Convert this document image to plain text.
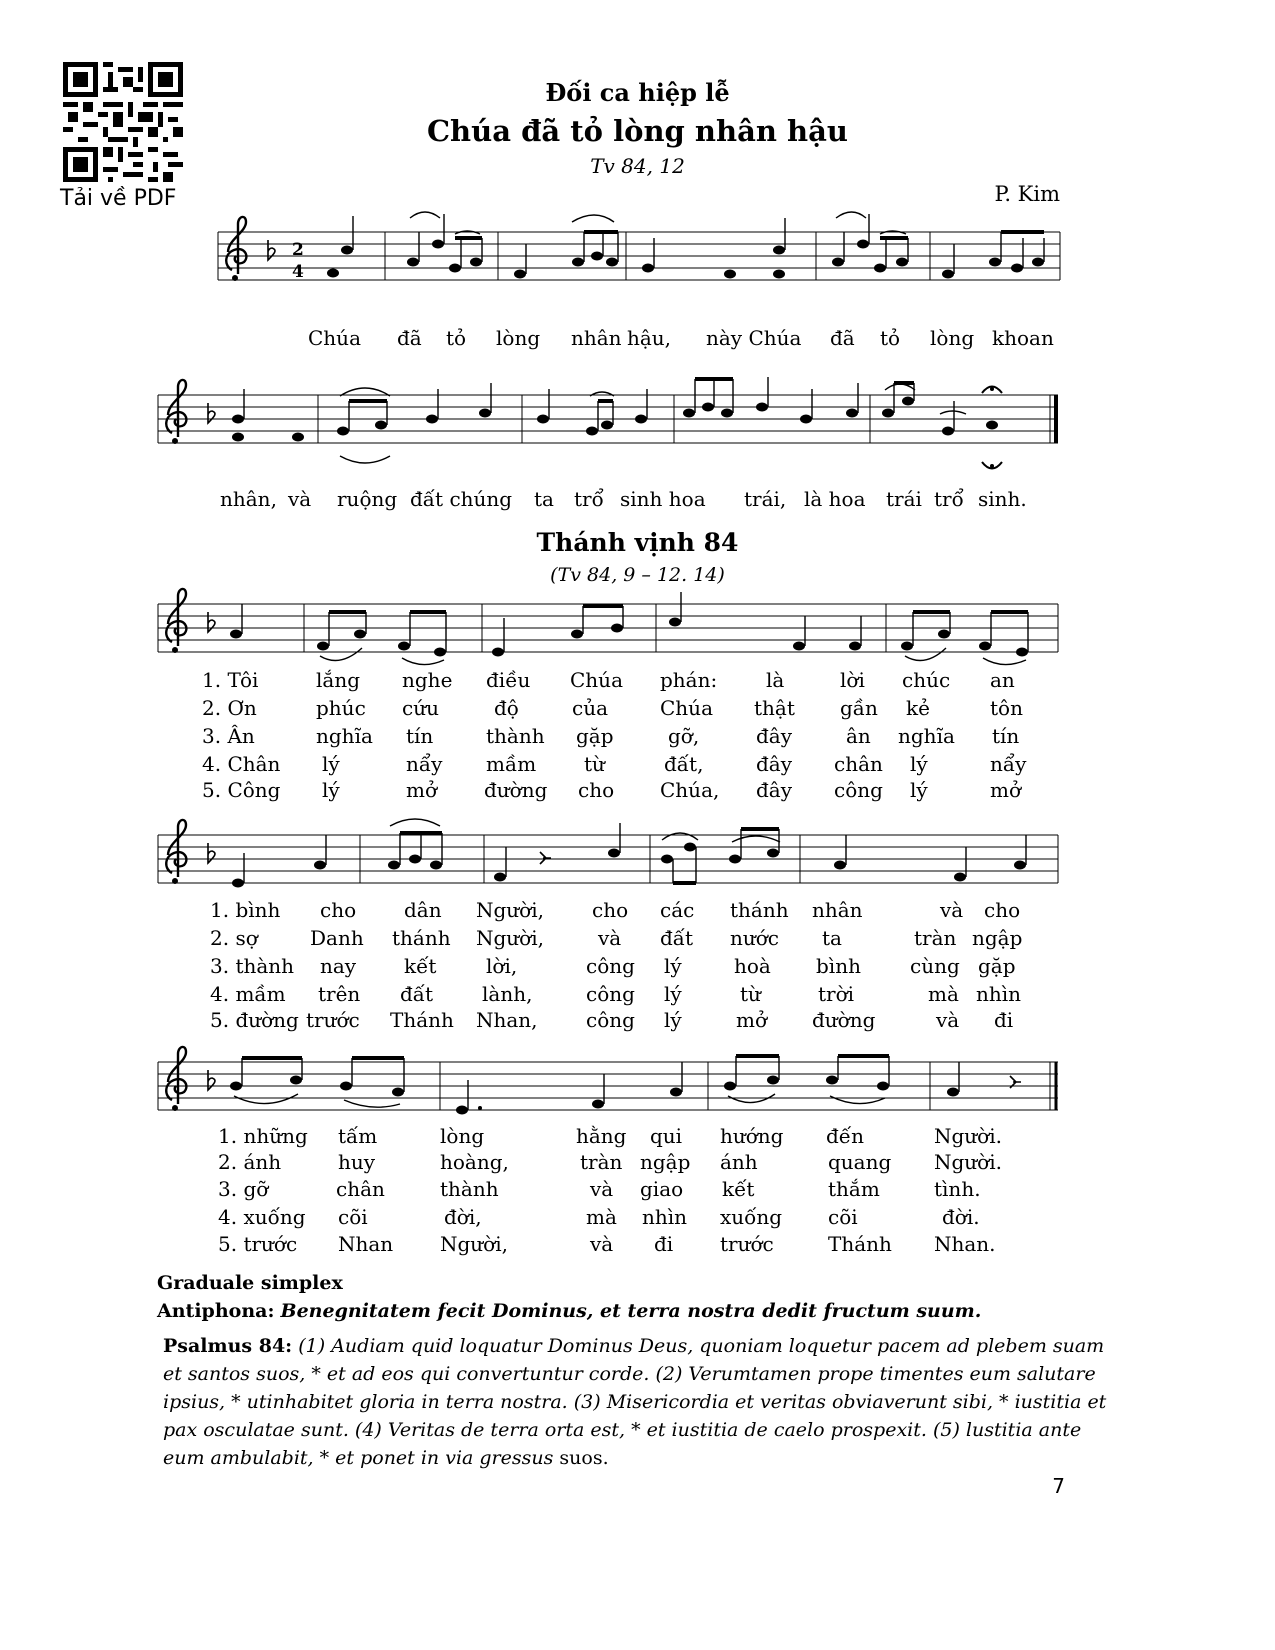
Tải về PDF
Đối ca hiệp lễ
Chúa đã tỏ lòng nhân hậu
Tv 84, 12
P. Kim
2
4
Chúa đã tỏ lòng nhân hậu, này Chúa đã tỏ lòng khoan
nhân, và ruộng đất chúng ta trổ sinh hoa trái, là hoa trái trổ sinh.
Thánh vịnh 84
(Tv 84, 9 – 12. 14)
1. Tôi	lắng nghe điều Chúa phán: là	lời chúc an
2. Ơn	phúc cứu	độ	của	Chúa thật gần kẻ	tôn
3. Ân	nghĩa tín	thành gặp	gỡ,	đây	ân nghĩa tín
4. Chân lý	nẩy mầm từ	đất,	đây chân lý	nẩy
5. Công lý	mở đường cho Chúa, đây công lý	mở
1. bình cho dân Người, cho các thánh nhân	và cho
2. sợ	Danh thánh Người,	và đất nước ta	tràn ngập
3. thành nay kết lời,	công lý	hoà bình cùng gặp
4. mầm trên đất lành,	công lý	từ	trời	mà nhìn
5. đường trước Thánh Nhan, công lý	mở đường	và đi
1. những tấm	lòng	hằng qui hướng đến	Người.
2. ánh	huy	hoàng,	tràn ngập ánh	quang Người.
3. gỡ	chân	thành	và giao kết	thắm	tình.
4. xuống cõi	đời,	mà nhìn xuống cõi	đời.
5. trước Nhan Người,	và đi trước	Thánh Nhan.
Graduale simplex
Antiphona: Benegnitatem fecit Dominus, et terra nostra dedit fructum suum.
Psalmus 84: (1) Audiam quid loquatur Dominus Deus, quoniam loquetur pacem ad plebem suam et santos suos, * et ad eos qui convertuntur corde. (2) Verumtamen prope timentes eum salutare ipsius, * utinhabitet gloria in terra nostra. (3) Misericordia et veritas obviaverunt sibi, * iustitia et pax osculatae sunt. (4) Veritas de terra orta est, * et iustitia de caelo prospexit. (5) lustitia ante eum ambulabit, * et ponet in via gressus suos.
7
